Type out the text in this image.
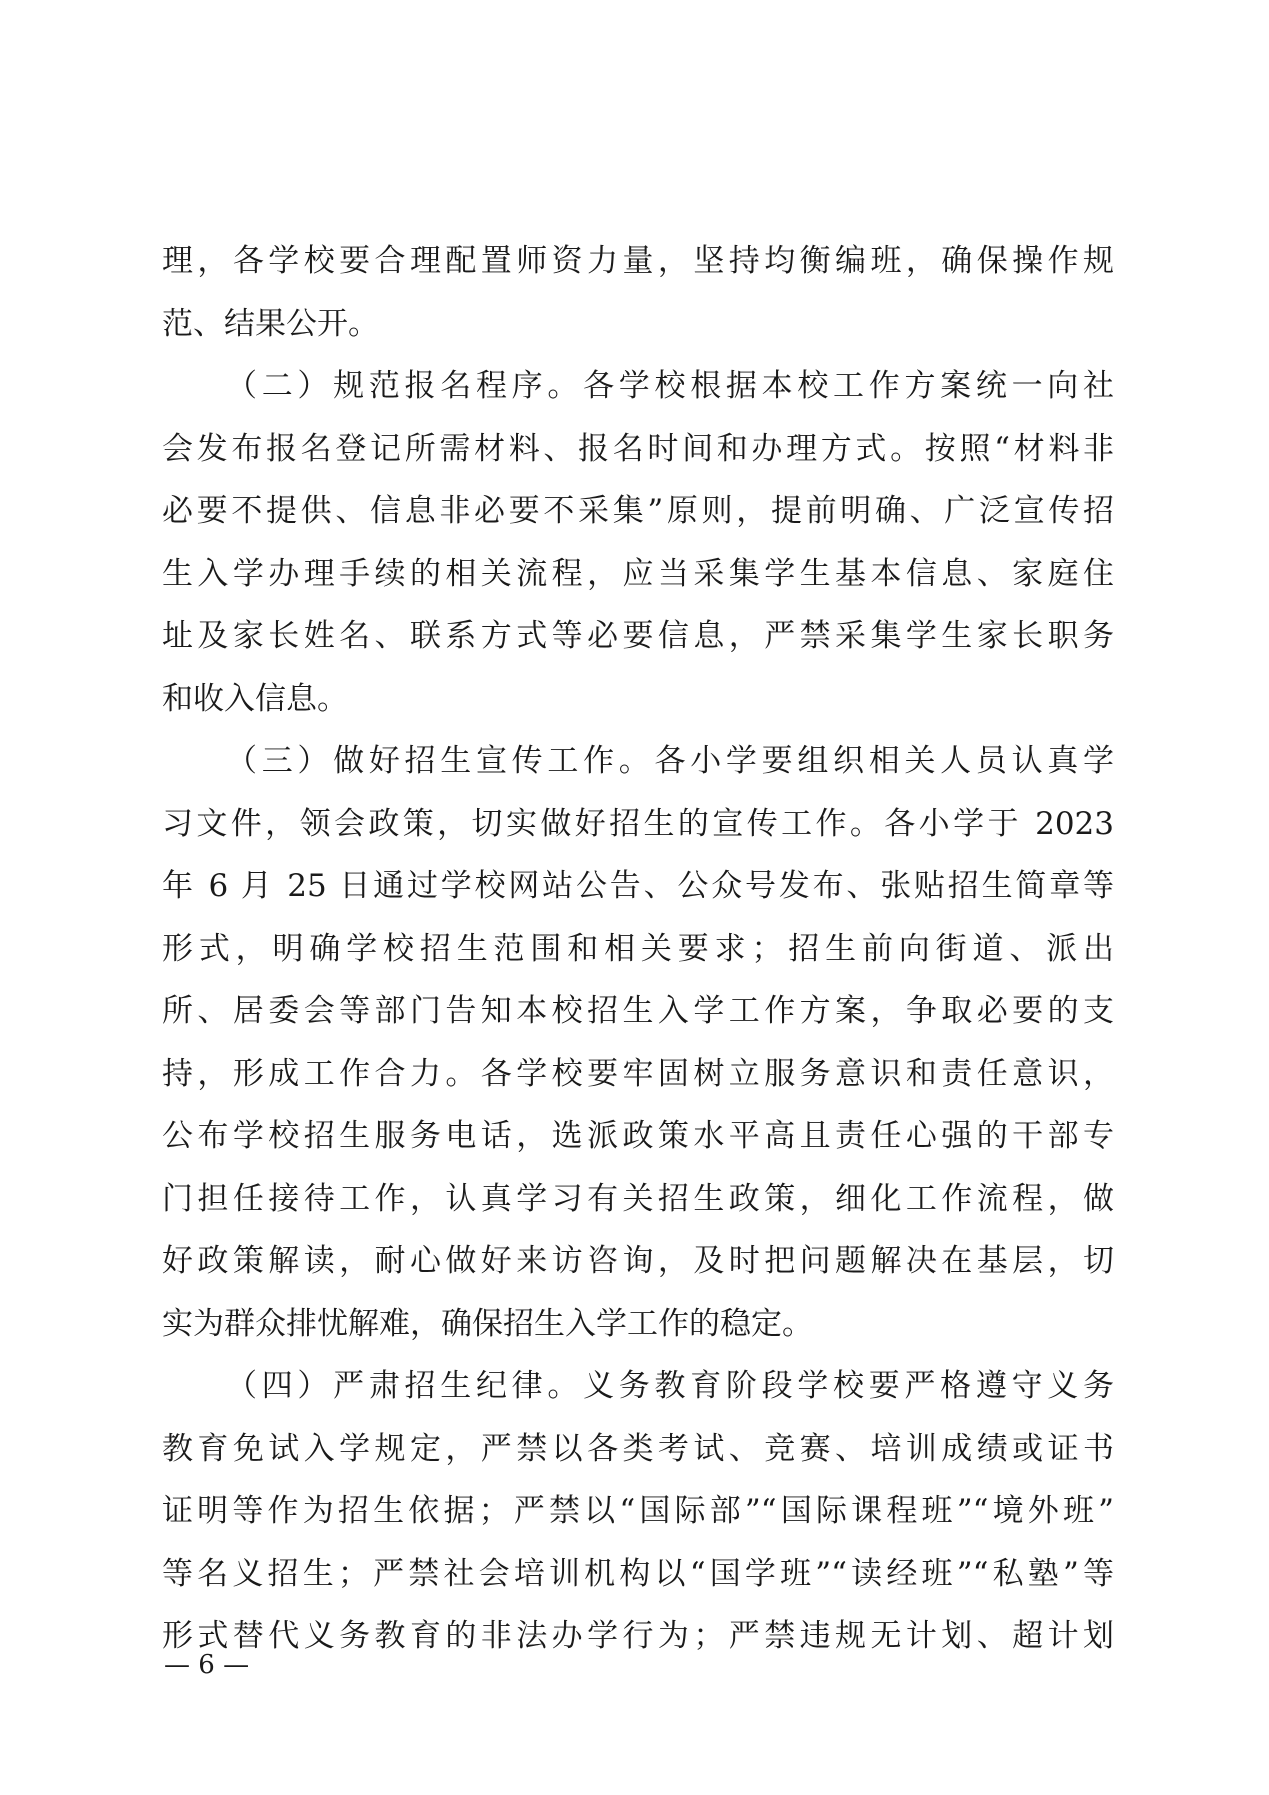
理，各学校要合理配置师资力量，坚持均衡编班，确保操作规
范、结果公开。
（二）规范报名程序。各学校根据本校工作方案统一向社
会发布报名登记所需材料、报名时间和办理方式。按照“材料非
必要不提供、信息非必要不采集”原则，提前明确、广泛宣传招
生入学办理手续的相关流程，应当采集学生基本信息、家庭住
址及家长姓名、联系方式等必要信息，严禁采集学生家长职务
和收入信息。
（三）做好招生宣传工作。各小学要组织相关人员认真学
习文件，领会政策，切实做好招生的宣传工作。各小学于 2023
年 6 月 25 日通过学校网站公告、公众号发布、张贴招生简章等
形式，明确学校招生范围和相关要求；招生前向街道、派出
所、居委会等部门告知本校招生入学工作方案，争取必要的支
持，形成工作合力。各学校要牢固树立服务意识和责任意识，
公布学校招生服务电话，选派政策水平高且责任心强的干部专
门担任接待工作，认真学习有关招生政策，细化工作流程，做
好政策解读，耐心做好来访咨询，及时把问题解决在基层，切
实为群众排忧解难，确保招生入学工作的稳定。
（四）严肃招生纪律。义务教育阶段学校要严格遵守义务
教育免试入学规定，严禁以各类考试、竞赛、培训成绩或证书
证明等作为招生依据；严禁以“国际部”“国际课程班”“境外班”
等名义招生；严禁社会培训机构以“国学班”“读经班”“私塾”等
形式替代义务教育的非法办学行为；严禁违规无计划、超计划
— 6 —
